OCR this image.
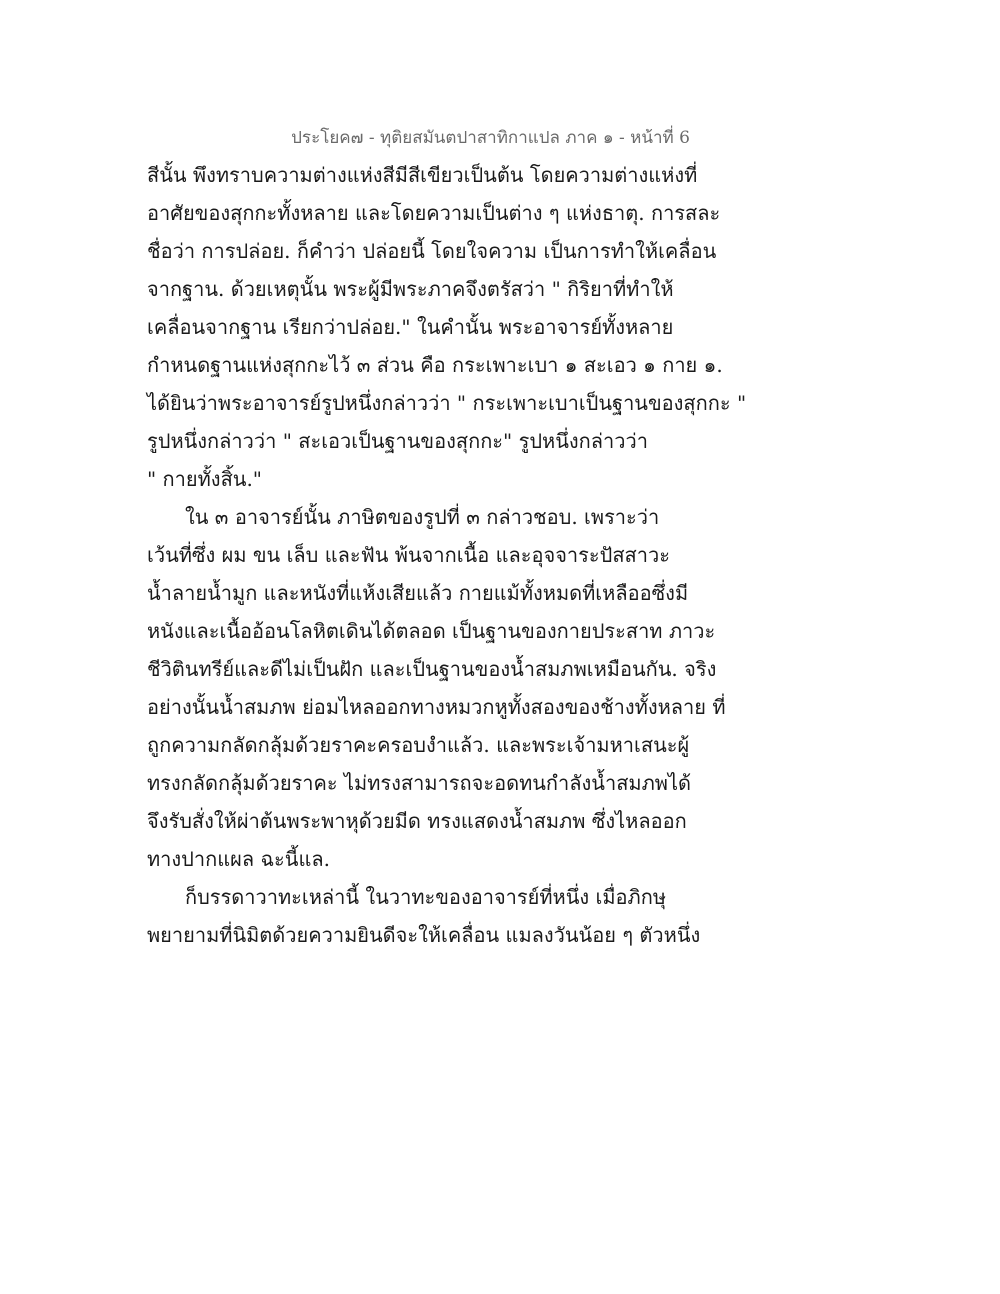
ประโยค๗ - ทุติยสมันตปาสาทิกาแปล ภาค ๑ - หน้าที่ 6
สีนั้น พึงทราบความต่างแห่งสีมีสีเขียวเป็นต้น โดยความต่างแห่งที่
อาศัยของสุกกะทั้งหลาย และโดยความเป็นต่าง ๆ แห่งธาตุ. การสละ
ชื่อว่า การปล่อย. ก็คำว่า ปล่อยนี้ โดยใจความ เป็นการทำให้เคลื่อน
จากฐาน. ด้วยเหตุนั้น พระผู้มีพระภาคจึงตรัสว่า " กิริยาที่ทำให้
เคลื่อนจากฐาน เรียกว่าปล่อย." ในคำนั้น พระอาจารย์ทั้งหลาย
กำหนดฐานแห่งสุกกะไว้ ๓ ส่วน คือ กระเพาะเบา ๑ สะเอว ๑ กาย ๑.
ได้ยินว่าพระอาจารย์รูปหนึ่งกล่าวว่า " กระเพาะเบาเป็นฐานของสุกกะ "
รูปหนึ่งกล่าวว่า " สะเอวเป็นฐานของสุกกะ" รูปหนึ่งกล่าวว่า
" กายทั้งสิ้น."
ใน ๓ อาจารย์นั้น ภาษิตของรูปที่ ๓ กล่าวชอบ. เพราะว่า
เว้นที่ซึ่ง ผม ขน เล็บ และฟัน พ้นจากเนื้อ และอุจจาระปัสสาวะ
น้ำลายน้ำมูก และหนังที่แห้งเสียแล้ว กายแม้ทั้งหมดที่เหลืออซึ่งมี
หนังและเนื้ออ้อนโลหิตเดินได้ตลอด เป็นฐานของกายประสาท ภาวะ
ชีวิตินทรีย์และดีไม่เป็นฝัก และเป็นฐานของน้ำสมภพเหมือนกัน. จริง
อย่างนั้นน้ำสมภพ ย่อมไหลออกทางหมวกหูทั้งสองของช้างทั้งหลาย ที่
ถูกความกลัดกลุ้มด้วยราคะครอบงำแล้ว. และพระเจ้ามหาเสนะผู้
ทรงกลัดกลุ้มด้วยราคะ ไม่ทรงสามารถจะอดทนกำลังน้ำสมภพได้
จึงรับสั่งให้ผ่าต้นพระพาหุด้วยมีด ทรงแสดงน้ำสมภพ ซึ่งไหลออก
ทางปากแผล ฉะนี้แล.
ก็บรรดาวาทะเหล่านี้ ในวาทะของอาจารย์ที่หนึ่ง เมื่อภิกษุ
พยายามที่นิมิตด้วยความยินดีจะให้เคลื่อน แมลงวันน้อย ๆ ตัวหนึ่ง
